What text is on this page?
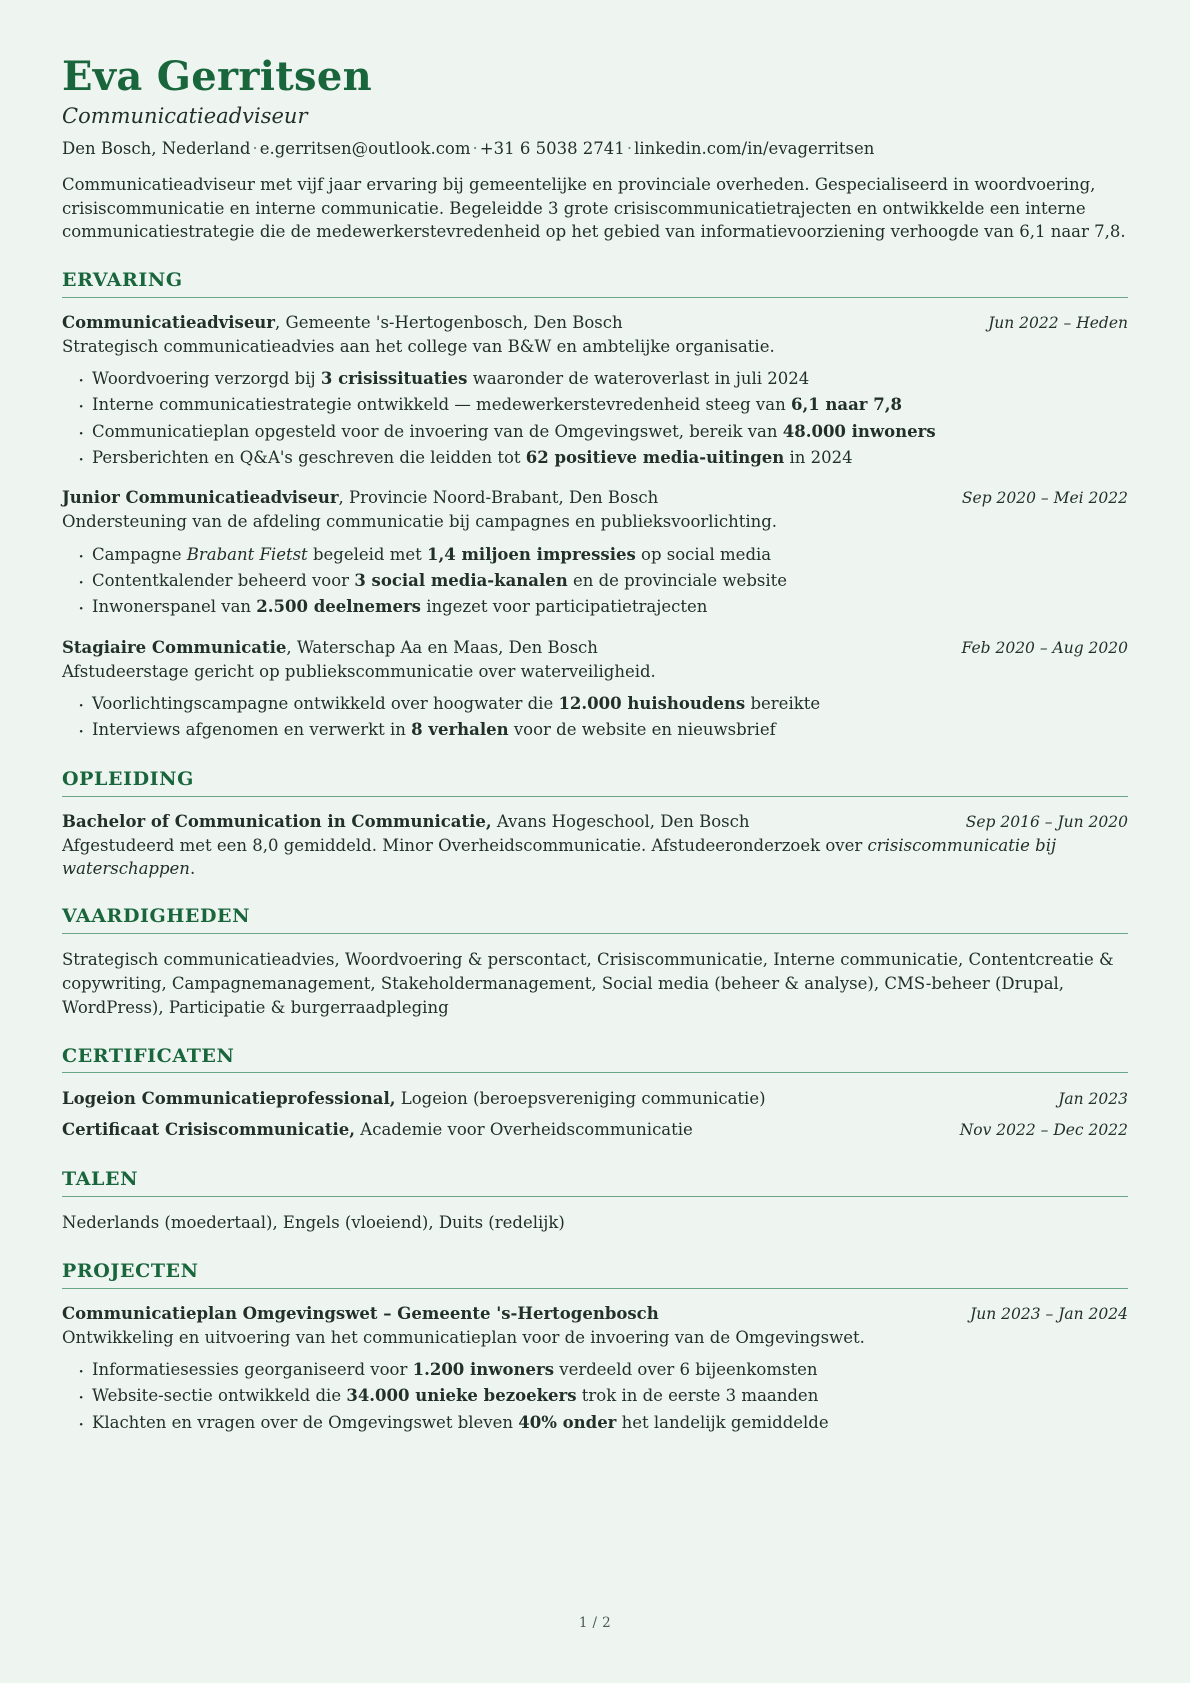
Eva Gerritsen
Communicatieadviseur
Den Bosch, Nederland · e.gerritsen@outlook.com · +31 6 5038 2741 · linkedin.com/in/evagerritsen

Communicatieadviseur met vijf jaar ervaring bij gemeentelijke en provinciale overheden. Gespecialiseerd in woordvoering, crisiscommunicatie en interne communicatie. Begeleidde 3 grote crisiscommunicatietrajecten en ontwikkelde een interne communicatiestrategie die de medewerkerstevredenheid op het gebied van informatievoorziening verhoogde van 6,1 naar 7,8.

ERVARING
Communicatieadviseur, Gemeente 's-Hertogenbosch, Den Bosch	Jun 2022 – Heden
Strategisch communicatieadvies aan het college van B&W en ambtelijke organisatie.
· Woordvoering verzorgd bij 3 crisissituaties waaronder de wateroverlast in juli 2024
· Interne communicatiestrategie ontwikkeld — medewerkerstevredenheid steeg van 6,1 naar 7,8
· Communicatieplan opgesteld voor de invoering van de Omgevingswet, bereik van 48.000 inwoners
· Persberichten en Q&A's geschreven die leidden tot 62 positieve media-uitingen in 2024
Junior Communicatieadviseur, Provincie Noord-Brabant, Den Bosch	Sep 2020 – Mei 2022
Ondersteuning van de afdeling communicatie bij campagnes en publieksvoorlichting.
· Campagne Brabant Fietst begeleid met 1,4 miljoen impressies op social media
· Contentkalender beheerd voor 3 social media-kanalen en de provinciale website
· Inwonerspanel van 2.500 deelnemers ingezet voor participatietrajecten
Stagiaire Communicatie, Waterschap Aa en Maas, Den Bosch	Feb 2020 – Aug 2020
Afstudeerstage gericht op publiekscommunicatie over waterveiligheid.
· Voorlichtingscampagne ontwikkeld over hoogwater die 12.000 huishoudens bereikte
· Interviews afgenomen en verwerkt in 8 verhalen voor de website en nieuwsbrief
OPLEIDING
Bachelor of Communication in Communicatie, Avans Hogeschool, Den Bosch	Sep 2016 – Jun 2020
Afgestudeerd met een 8,0 gemiddeld. Minor Overheidscommunicatie. Afstudeeronderzoek over crisiscommunicatie bij waterschappen.
VAARDIGHEDEN
Strategisch communicatieadvies, Woordvoering & perscontact, Crisiscommunicatie, Interne communicatie, Contentcreatie & copywriting, Campagnemanagement, Stakeholdermanagement, Social media (beheer & analyse), CMS-beheer (Drupal, WordPress), Participatie & burgerraadpleging
CERTIFICATEN
Logeion Communicatieprofessional, Logeion (beroepsvereniging communicatie)	Jan 2023
Certificaat Crisiscommunicatie, Academie voor Overheidscommunicatie	Nov 2022 – Dec 2022
TALEN
Nederlands (moedertaal), Engels (vloeiend), Duits (redelijk)
PROJECTEN
Communicatieplan Omgevingswet – Gemeente 's-Hertogenbosch	Jun 2023 – Jan 2024
Ontwikkeling en uitvoering van het communicatieplan voor de invoering van de Omgevingswet.
· Informatiesessies georganiseerd voor 1.200 inwoners verdeeld over 6 bijeenkomsten
· Website-sectie ontwikkeld die 34.000 unieke bezoekers trok in de eerste 3 maanden
· Klachten en vragen over de Omgevingswet bleven 40% onder het landelijk gemiddelde
1 / 2
